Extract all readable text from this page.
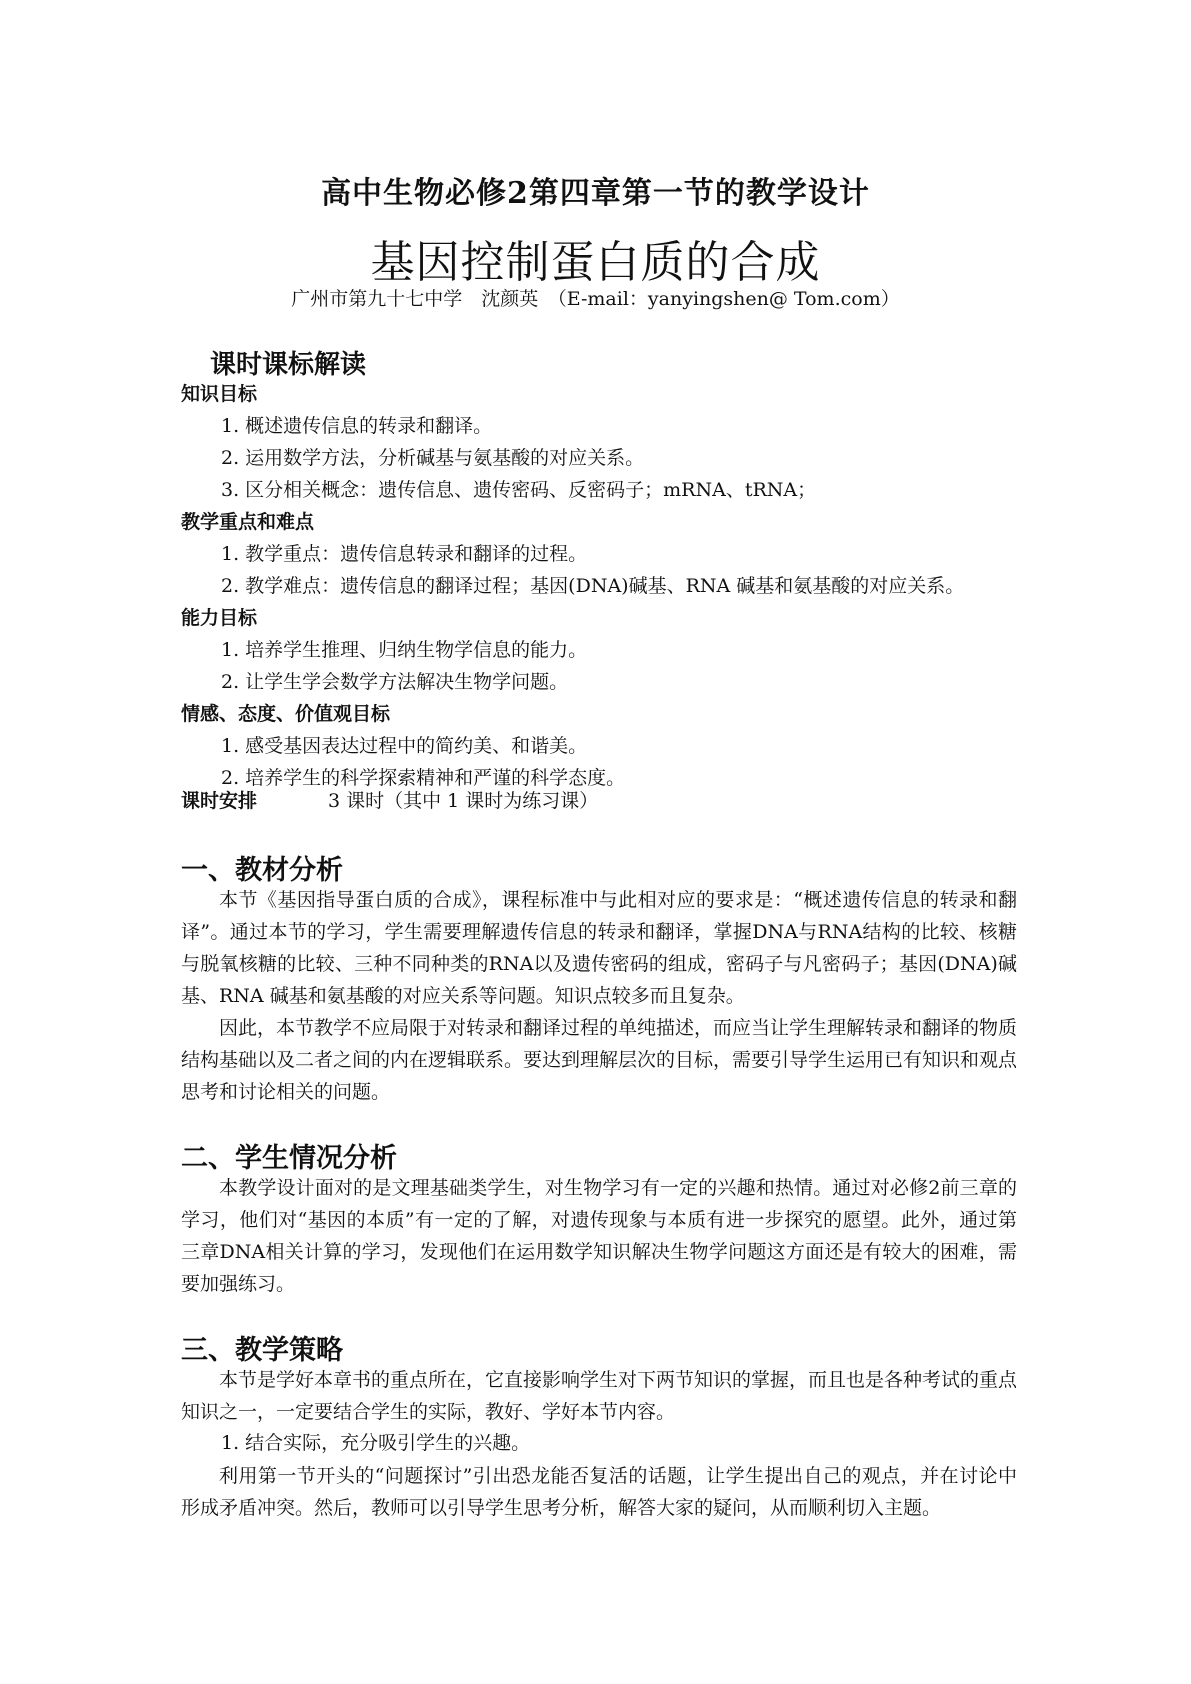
高中生物必修2第四章第一节的教学设计
基因控制蛋白质的合成
广州市第九十七中学　沈颜英　（E-mail：yanyingshen@ Tom.com）
课时课标解读
知识目标
1. 概述遗传信息的转录和翻译。
2. 运用数学方法，分析碱基与氨基酸的对应关系。
3. 区分相关概念：遗传信息、遗传密码、反密码子；mRNA、tRNA；
教学重点和难点
1. 教学重点：遗传信息转录和翻译的过程。
2. 教学难点：遗传信息的翻译过程；基因(DNA)碱基、RNA 碱基和氨基酸的对应关系。
能力目标
1. 培养学生推理、归纳生物学信息的能力。
2. 让学生学会数学方法解决生物学问题。
情感、态度、价值观目标
1. 感受基因表达过程中的简约美、和谐美。
2. 培养学生的科学探索精神和严谨的科学态度。
课时安排	3 课时（其中 1 课时为练习课）
一、教材分析
本节《基因指导蛋白质的合成》，课程标准中与此相对应的要求是：“概述遗传信息的转录和翻译”。通过本节的学习，学生需要理解遗传信息的转录和翻译，掌握DNA与RNA结构的比较、核糖与脱氧核糖的比较、三种不同种类的RNA以及遗传密码的组成，密码子与凡密码子；基因(DNA)碱基、RNA 碱基和氨基酸的对应关系等问题。知识点较多而且复杂。
因此，本节教学不应局限于对转录和翻译过程的单纯描述，而应当让学生理解转录和翻译的物质结构基础以及二者之间的内在逻辑联系。要达到理解层次的目标，需要引导学生运用已有知识和观点思考和讨论相关的问题。
二、学生情况分析
本教学设计面对的是文理基础类学生，对生物学习有一定的兴趣和热情。通过对必修2前三章的学习，他们对“基因的本质”有一定的了解，对遗传现象与本质有进一步探究的愿望。此外，通过第三章DNA相关计算的学习，发现他们在运用数学知识解决生物学问题这方面还是有较大的困难，需要加强练习。
三、教学策略
本节是学好本章书的重点所在，它直接影响学生对下两节知识的掌握，而且也是各种考试的重点知识之一，一定要结合学生的实际，教好、学好本节内容。
1. 结合实际，充分吸引学生的兴趣。
利用第一节开头的“问题探讨”引出恐龙能否复活的话题，让学生提出自己的观点，并在讨论中形成矛盾冲突。然后，教师可以引导学生思考分析，解答大家的疑问，从而顺利切入主题。
